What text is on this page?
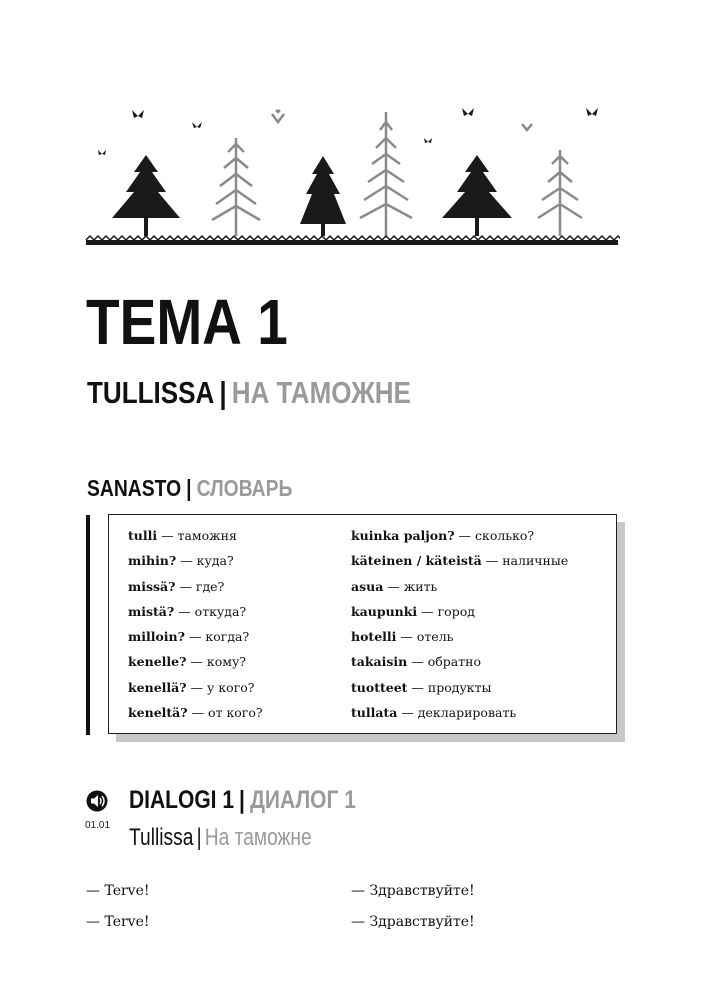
ТЕМА 1
TULLISSA | НА ТАМОЖНЕ
SANASTO | СЛОВАРЬ
tulli — таможня
mihin? — куда?
missä? — где?
mistä? — откуда?
milloin? — когда?
kenelle? — кому?
kenellä? — у кого?
keneltä? — от кого?
kuinka paljon? — сколько?
käteinen / käteistä — наличные
asua — жить
kaupunki — город
hotelli — отель
takaisin — обратно
tuotteet — продукты
tullata — декларировать
01.01
DIALOGI 1 | ДИАЛОГ 1
Tullissa | На таможне
— Terve!	— Здравствуйте!
— Terve!	— Здравствуйте!
